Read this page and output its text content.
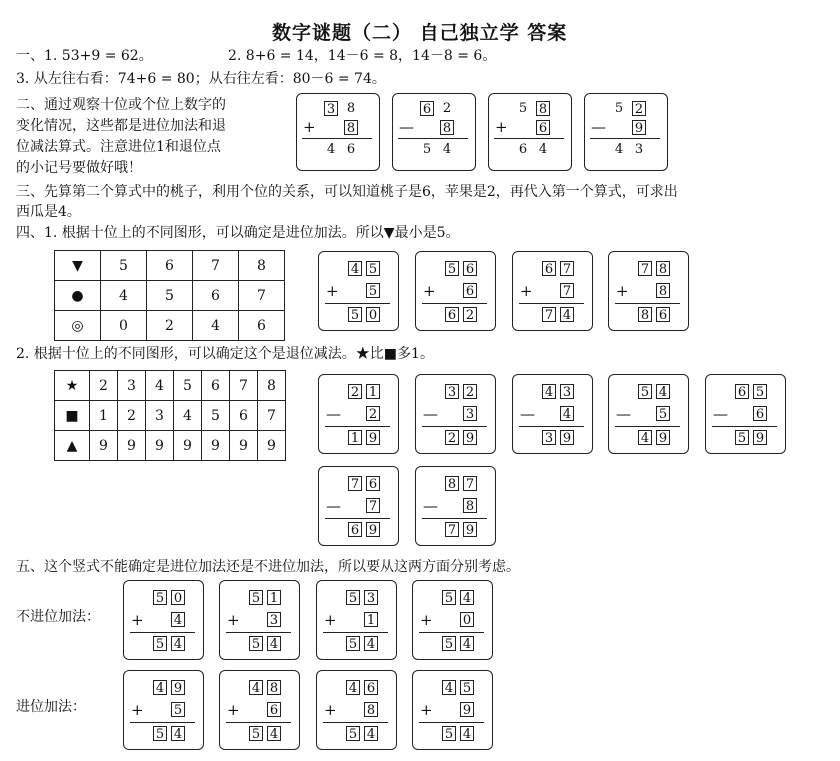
数字谜题（二） 自己独立学 答案
一、1. 53+9 = 62。	2. 8+6 = 14，14－6 = 8，14－8 = 6。
3. 从左往右看：74+6 = 80；从右往左看：80－6 = 74。
二、通过观察十位或个位上数字的
变化情况，这些都是进位加法和退
位减法算式。注意进位1和退位点
的小记号要做好哦！
3 8
+ 8
4 6
6 2
— 8
5 4
5 8
+ 6
6 4
5 2
— 9
4 3
三、先算第二个算式中的桃子，利用个位的关系，可以知道桃子是6，苹果是2，再代入第一个算式，可求出
西瓜是4。
四、1. 根据十位上的不同图形，可以确定是进位加法。所以▼最小是5。
▼	5	6	7	8
●	4	5	6	7
◎	0	2	4	6
4 5
+ 5
5 0
5 6
+ 6
6 2
6 7
+ 7
7 4
7 8
+ 8
8 6
2. 根据十位上的不同图形，可以确定这个是退位减法。★比■多1。
★	2	3	4	5	6	7	8
■	1	2	3	4	5	6	7
▲	9	9	9	9	9	9	9
2 1
— 2
1 9
3 2
— 3
2 9
4 3
— 4
3 9
5 4
— 5
4 9
6 5
— 6
5 9
7 6
— 7
6 9
8 7
— 8
7 9
五、这个竖式不能确定是进位加法还是不进位加法，所以要从这两方面分别考虑。
不进位加法：
进位加法：
5 0
+ 4
5 4
5 1
+ 3
5 4
5 3
+ 1
5 4
5 4
+ 0
5 4
4 9
+ 5
5 4
4 8
+ 6
5 4
4 6
+ 8
5 4
4 5
+ 9
5 4
